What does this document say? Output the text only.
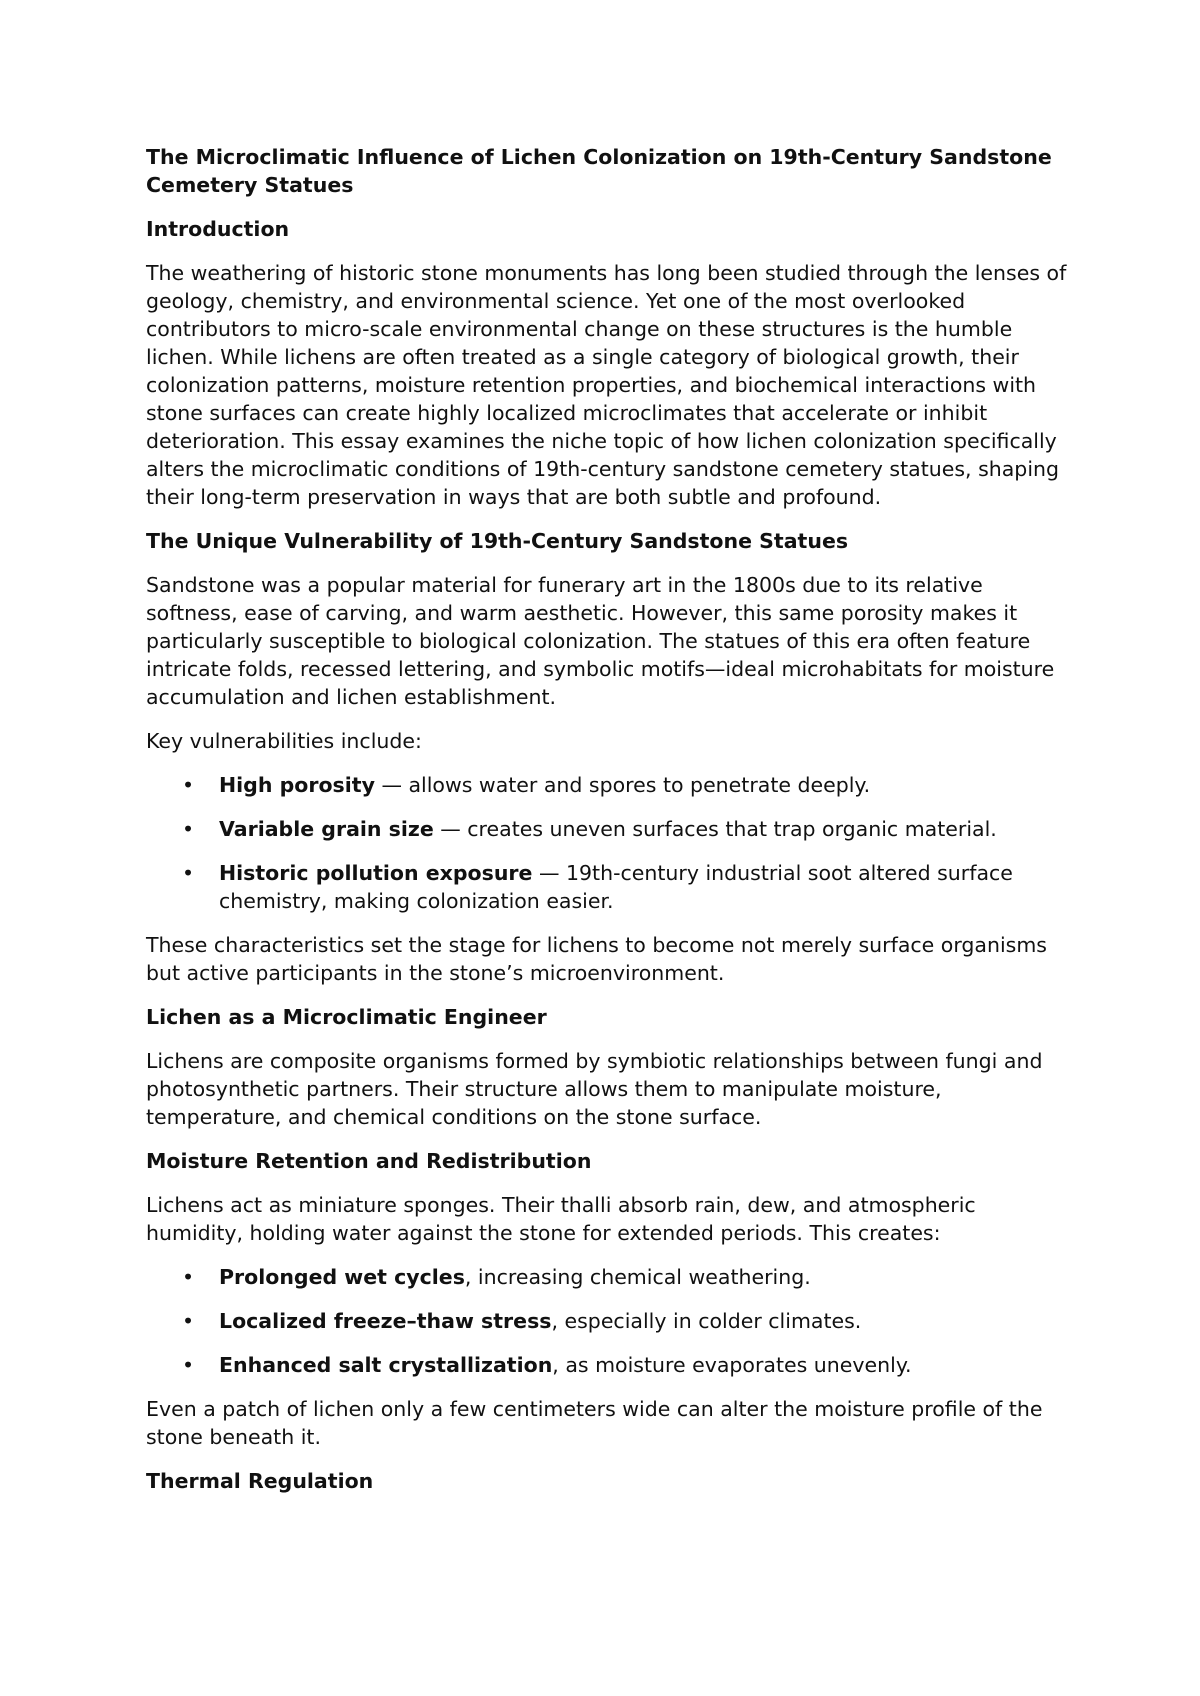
The Microclimatic Influence of Lichen Colonization on 19th-Century Sandstone Cemetery Statues
Introduction

The weathering of historic stone monuments has long been studied through the lenses of geology, chemistry, and environmental science. Yet one of the most overlooked contributors to micro-scale environmental change on these structures is the humble lichen. While lichens are often treated as a single category of biological growth, their colonization patterns, moisture retention properties, and biochemical interactions with stone surfaces can create highly localized microclimates that accelerate or inhibit deterioration. This essay examines the niche topic of how lichen colonization specifically alters the microclimatic conditions of 19th-century sandstone cemetery statues, shaping their long-term preservation in ways that are both subtle and profound.

The Unique Vulnerability of 19th-Century Sandstone Statues

Sandstone was a popular material for funerary art in the 1800s due to its relative softness, ease of carving, and warm aesthetic. However, this same porosity makes it particularly susceptible to biological colonization. The statues of this era often feature intricate folds, recessed lettering, and symbolic motifs—ideal microhabitats for moisture accumulation and lichen establishment.

Key vulnerabilities include:

• High porosity — allows water and spores to penetrate deeply.
• Variable grain size — creates uneven surfaces that trap organic material.
• Historic pollution exposure — 19th-century industrial soot altered surface chemistry, making colonization easier.

These characteristics set the stage for lichens to become not merely surface organisms but active participants in the stone’s microenvironment.

Lichen as a Microclimatic Engineer

Lichens are composite organisms formed by symbiotic relationships between fungi and photosynthetic partners. Their structure allows them to manipulate moisture, temperature, and chemical conditions on the stone surface.

Moisture Retention and Redistribution

Lichens act as miniature sponges. Their thalli absorb rain, dew, and atmospheric humidity, holding water against the stone for extended periods. This creates:

• Prolonged wet cycles, increasing chemical weathering.
• Localized freeze–thaw stress, especially in colder climates.
• Enhanced salt crystallization, as moisture evaporates unevenly.

Even a patch of lichen only a few centimeters wide can alter the moisture profile of the stone beneath it.

Thermal Regulation
